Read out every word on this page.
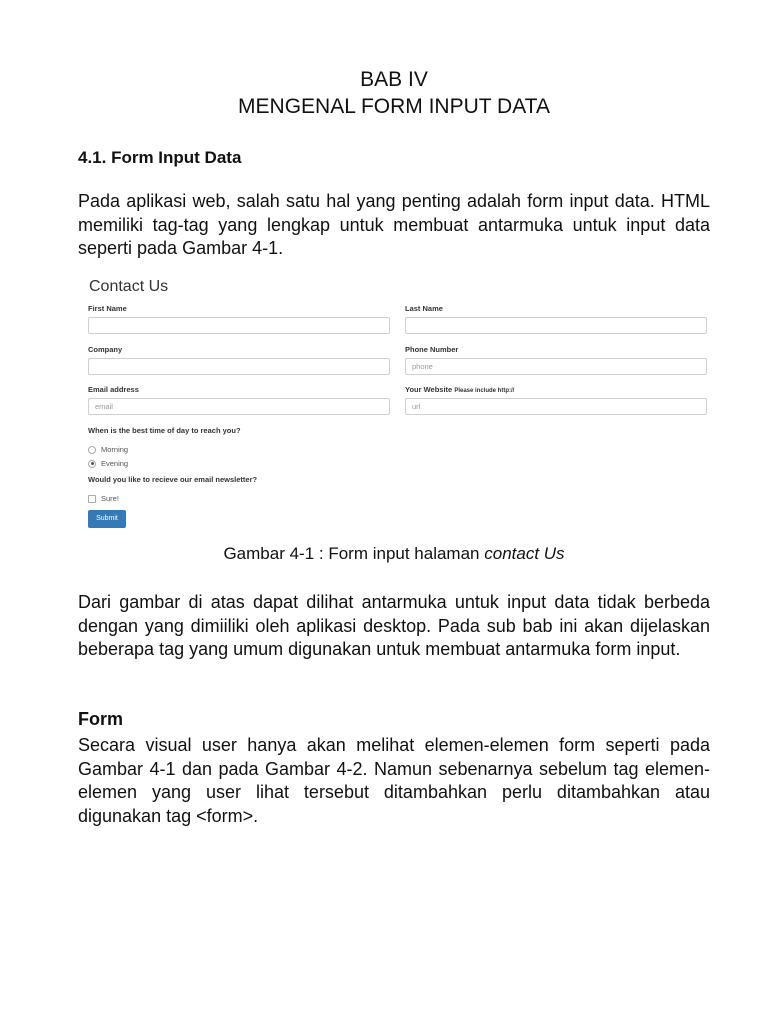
BAB IV
MENGENAL FORM INPUT DATA
4.1. Form Input Data
Pada aplikasi web, salah satu hal yang penting adalah form input data. HTML memiliki tag-tag yang lengkap untuk membuat antarmuka untuk input data seperti pada Gambar 4-1.
Gambar 4-1 : Form input halaman contact Us
Dari gambar di atas dapat dilihat antarmuka untuk input data tidak berbeda dengan yang dimiiliki oleh aplikasi desktop. Pada sub bab ini akan dijelaskan beberapa tag yang umum digunakan untuk membuat antarmuka form input.
Form
Secara visual user hanya akan melihat elemen-elemen form seperti pada Gambar 4-1 dan pada Gambar 4-2. Namun sebenarnya sebelum tag elemen-elemen yang user lihat tersebut ditambahkan perlu ditambahkan atau digunakan tag <form>.
Contact Us
First Name	Last Name
Company	Phone Number
phone
Email address
email
Your Website Please include http://
url
When is the best time of day to reach you?
Morning
Evening
Would you like to recieve our email newsletter?
Sure!
Submit
